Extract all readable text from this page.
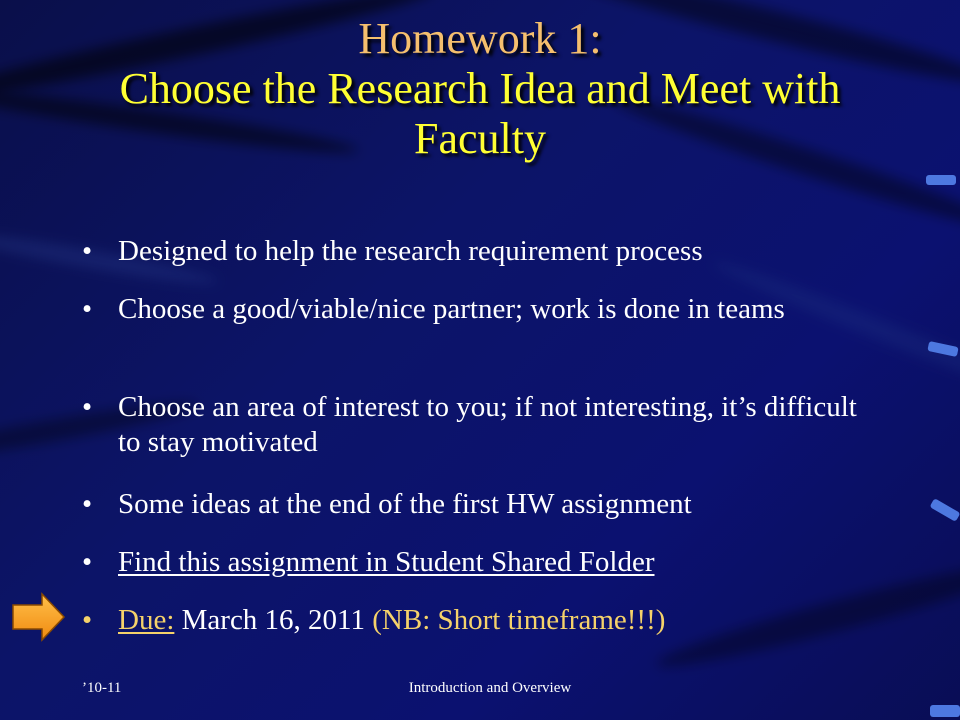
Homework 1:
Choose the Research Idea and Meet with Faculty
• Designed to help the research requirement process
• Choose a good/viable/nice partner; work is done in teams
• Choose an area of interest to you; if not interesting, it’s difficult to stay motivated
• Some ideas at the end of the first HW assignment
• Find this assignment in Student Shared Folder
• Due: March 16, 2011 (NB: Short timeframe!!!)
’10-11	Introduction and Overview
